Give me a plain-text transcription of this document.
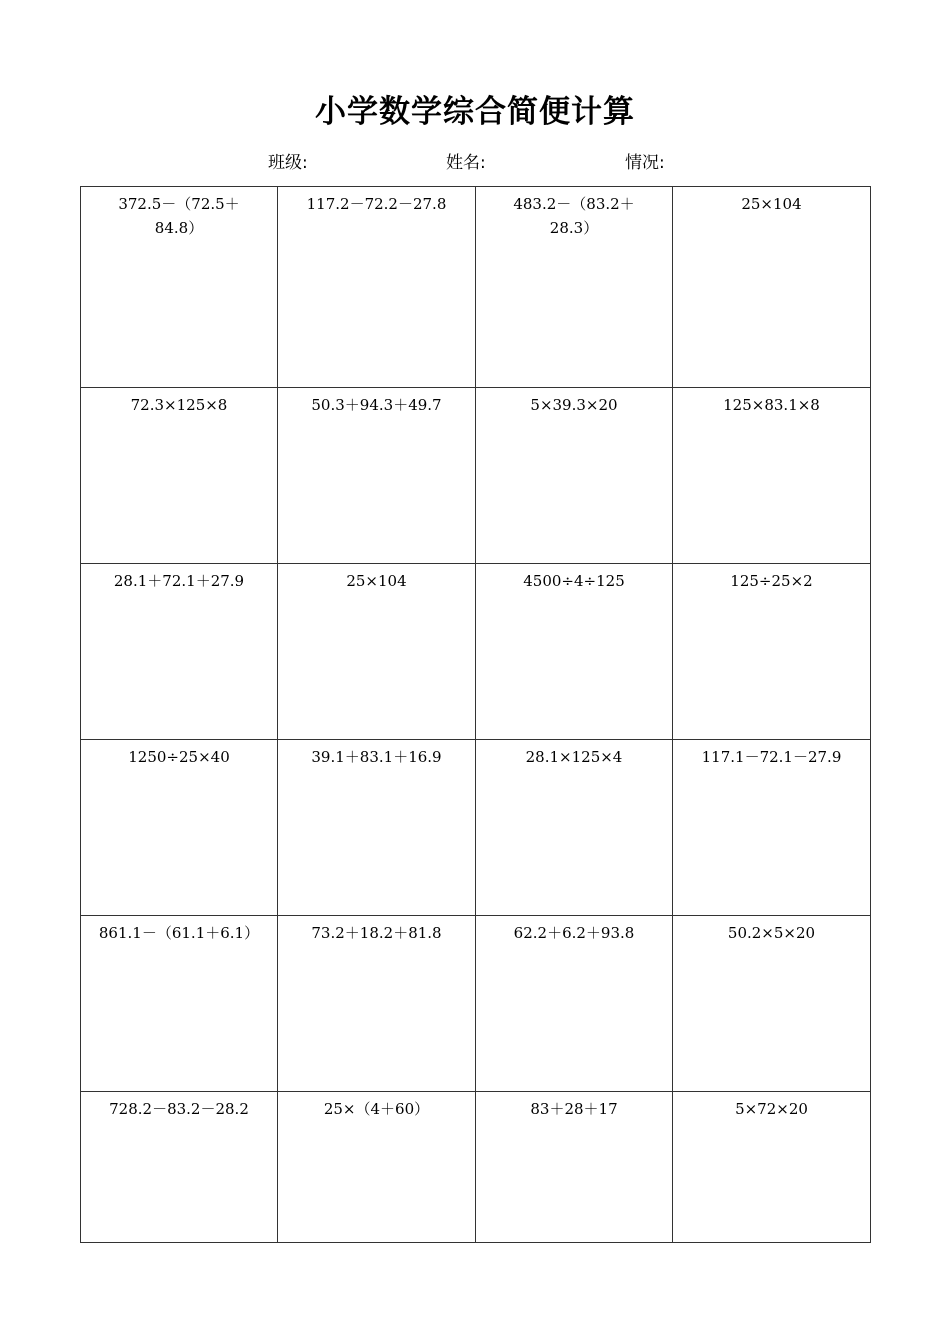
小学数学综合简便计算
班级:	姓名:	情况:
372.5－（72.5＋84.8）	117.2－72.2－27.8	483.2－（83.2＋28.3）	25×104
72.3×125×8	50.3＋94.3＋49.7	5×39.3×20	125×83.1×8
28.1＋72.1＋27.9	25×104	4500÷4÷125	125÷25×2
1250÷25×40	39.1＋83.1＋16.9	28.1×125×4	117.1－72.1－27.9
861.1－（61.1＋6.1）	73.2＋18.2＋81.8	62.2＋6.2＋93.8	50.2×5×20
728.2－83.2－28.2	25×（4＋60）	83＋28＋17	5×72×20
